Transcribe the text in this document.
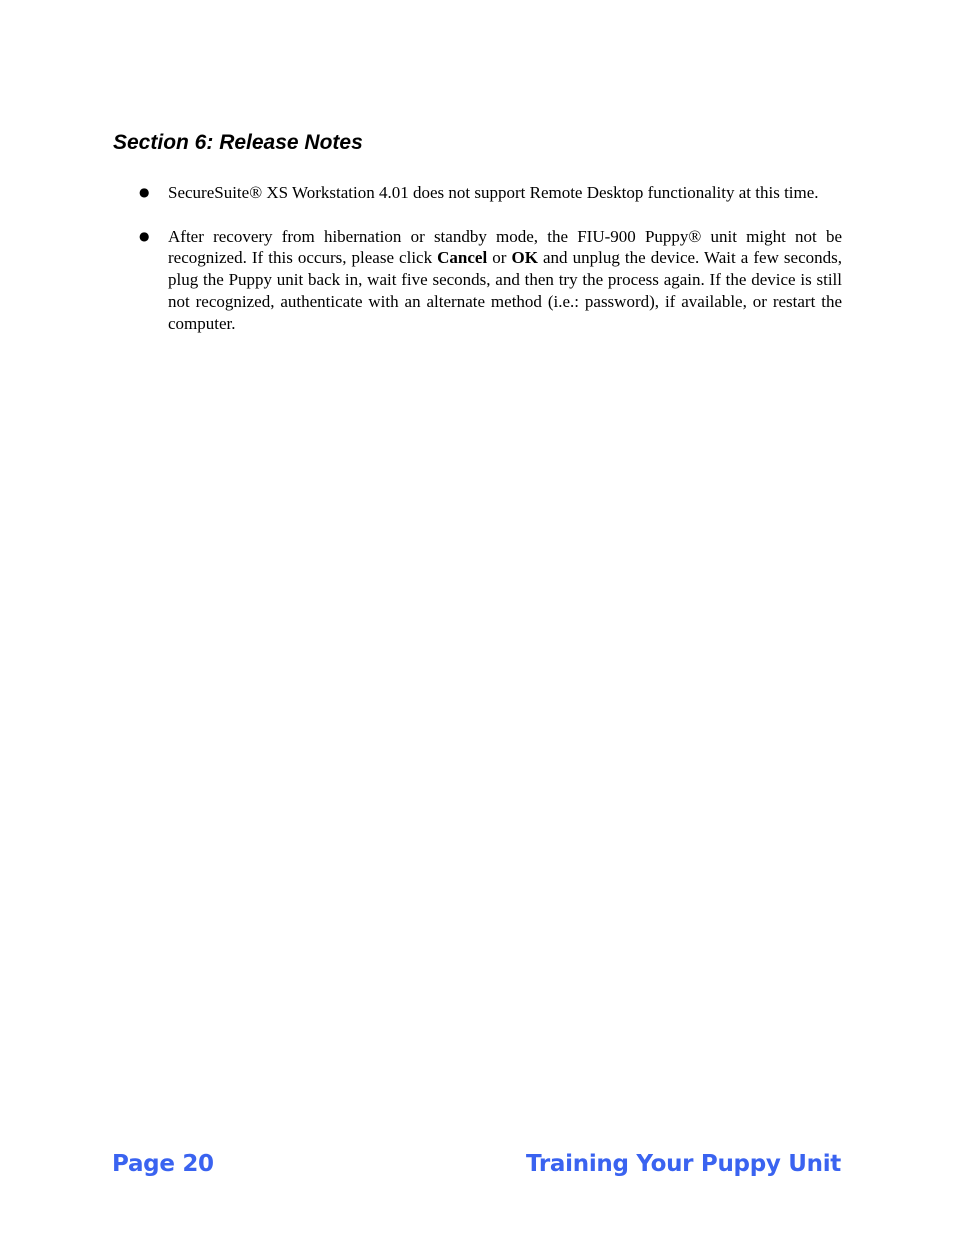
Section 6: Release Notes
● SecureSuite® XS Workstation 4.01 does not support Remote Desktop functionality at this time.
● After recovery from hibernation or standby mode, the FIU-900 Puppy® unit might not be recognized. If this occurs, please click Cancel or OK and unplug the device. Wait a few seconds, plug the Puppy unit back in, wait five seconds, and then try the process again. If the device is still not recognized, authenticate with an alternate method (i.e.: password), if available, or restart the computer.
Page 20	Training Your Puppy Unit
